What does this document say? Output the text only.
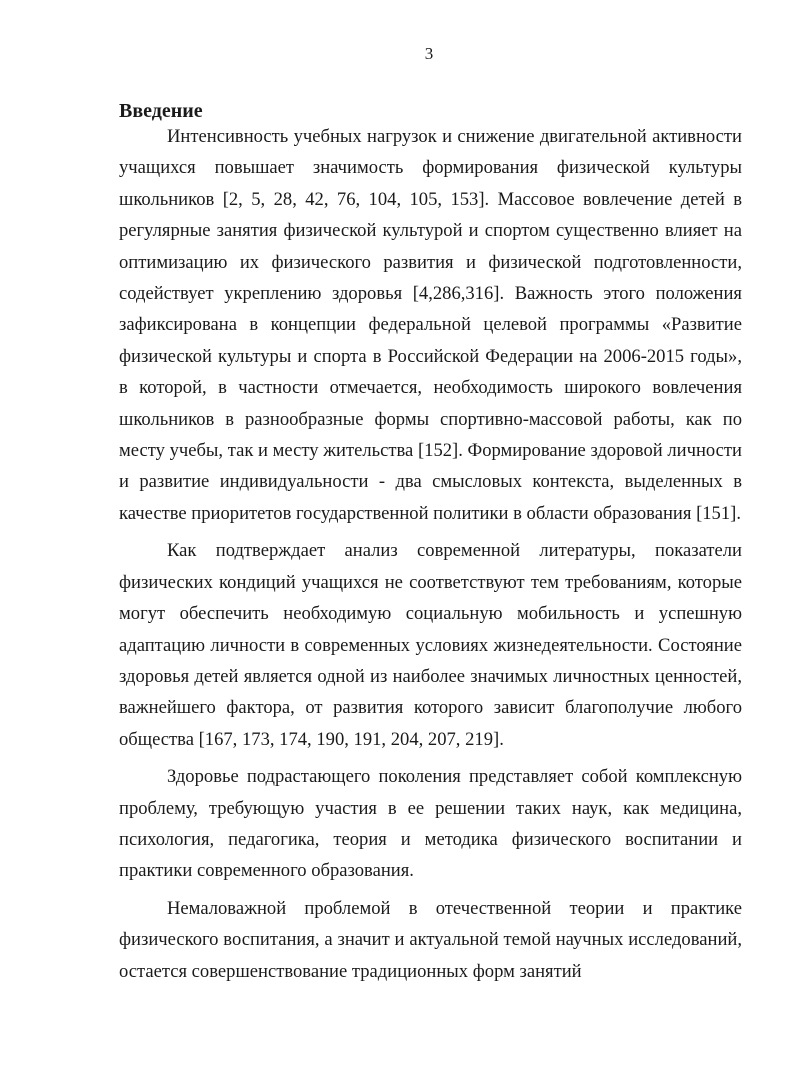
3
Введение

Интенсивность учебных нагрузок и снижение двигательной активности учащихся повышает значимость формирования физической культуры школьников [2, 5, 28, 42, 76, 104, 105, 153]. Массовое вовлечение детей в регулярные занятия физической культурой и спортом существенно влияет на оптимизацию их физического развития и физической подготовленности, содействует укреплению здоровья [4,286,316]. Важность этого положения зафиксирована в концепции федеральной целевой программы «Развитие физической культуры и спорта в Российской Федерации на 2006-2015 годы», в которой, в частности отмечается, необходимость широкого вовлечения школьников в разнообразные формы спортивно-массовой работы, как по месту учебы, так и месту жительства [152]. Формирование здоровой личности и развитие индивидуальности - два смысловых контекста, выделенных в качестве приоритетов государственной политики в области образования [151].

Как подтверждает анализ современной литературы, показатели физических кондиций учащихся не соответствуют тем требованиям, которые могут обеспечить необходимую социальную мобильность и успешную адаптацию личности в современных условиях жизнедеятельности. Состояние здоровья детей является одной из наиболее значимых личностных ценностей, важнейшего фактора, от развития которого зависит благополучие любого общества [167, 173, 174, 190, 191, 204, 207, 219].

Здоровье подрастающего поколения представляет собой комплексную проблему, требующую участия в ее решении таких наук, как медицина, психология, педагогика, теория и методика физического воспитании и практики современного образования.

Немаловажной проблемой в отечественной теории и практике физического воспитания, а значит и актуальной темой научных исследований, остается совершенствование традиционных форм занятий
